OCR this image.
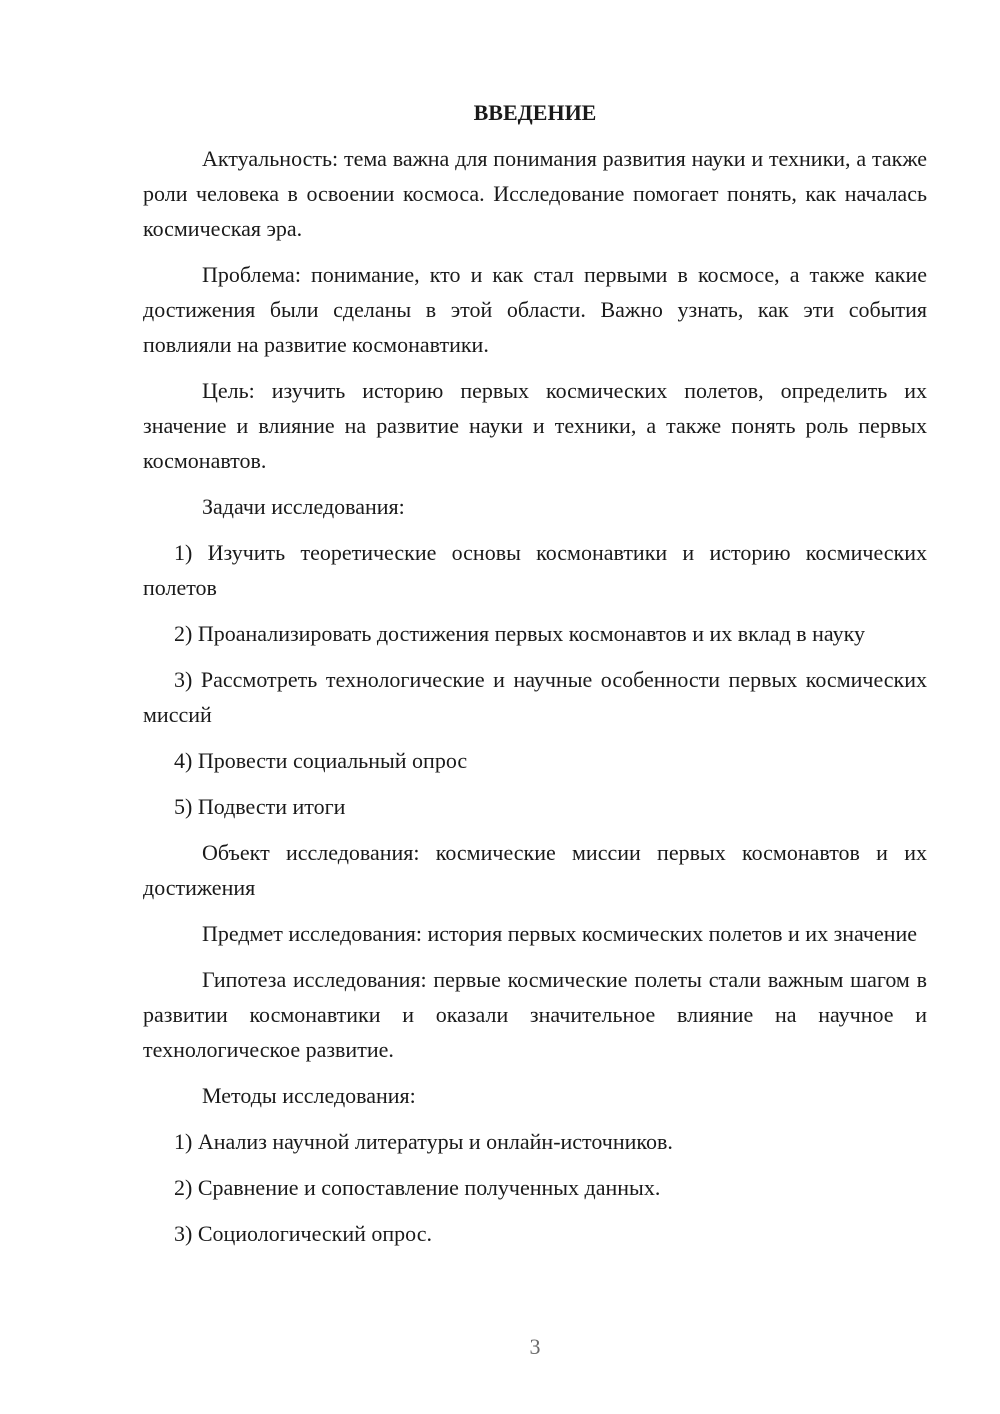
ВВЕДЕНИЕ

Актуальность: тема важна для понимания развития науки и техники, а также роли человека в освоении космоса. Исследование помогает понять, как началась космическая эра.

Проблема: понимание, кто и как стал первыми в космосе, а также какие достижения были сделаны в этой области. Важно узнать, как эти события повлияли на развитие космонавтики.

Цель: изучить историю первых космических полетов, определить их значение и влияние на развитие науки и техники, а также понять роль первых космонавтов.

Задачи исследования:

1) Изучить теоретические основы космонавтики и историю космических полетов

2) Проанализировать достижения первых космонавтов и их вклад в науку

3) Рассмотреть технологические и научные особенности первых космических миссий

4) Провести социальный опрос

5) Подвести итоги

Объект исследования: космические миссии первых космонавтов и их достижения

Предмет исследования: история первых космических полетов и их значение

Гипотеза исследования: первые космические полеты стали важным шагом в развитии космонавтики и оказали значительное влияние на научное и технологическое развитие.

Методы исследования:

1) Анализ научной литературы и онлайн-источников.

2) Сравнение и сопоставление полученных данных.

3) Социологический опрос.

3
